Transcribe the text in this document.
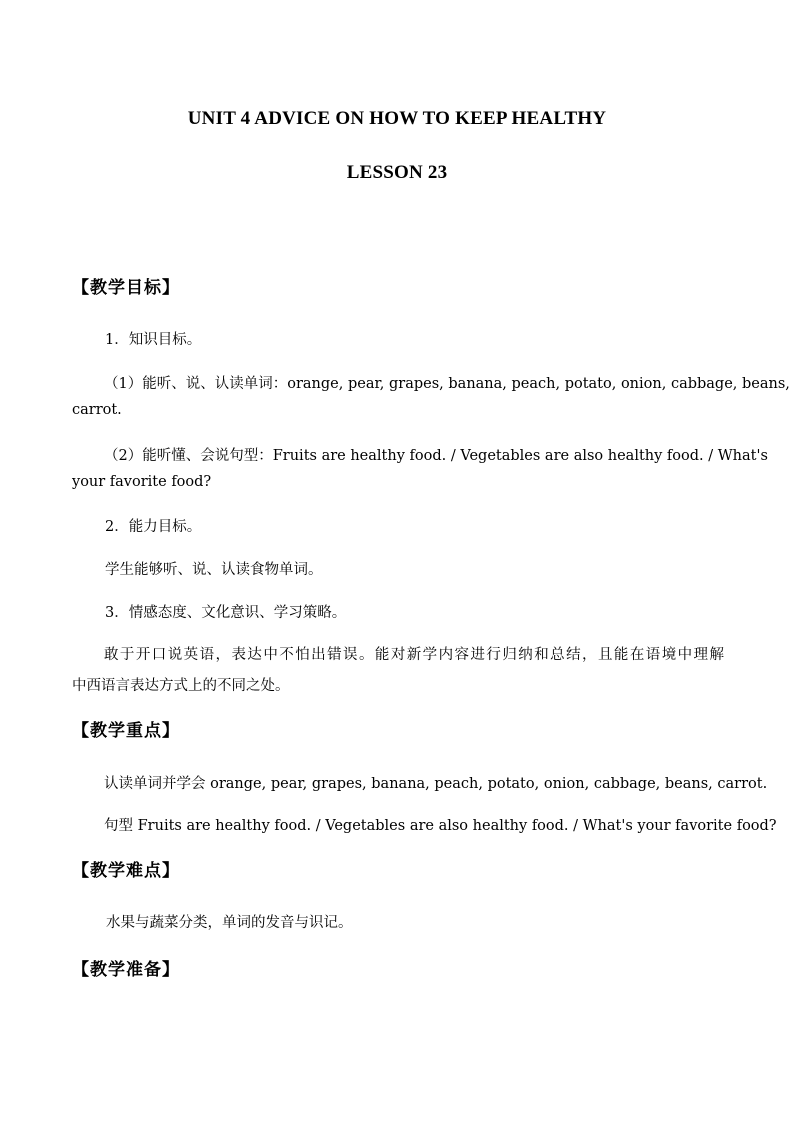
UNIT 4 ADVICE ON HOW TO KEEP HEALTHY
LESSON 23
【教学目标】
1．知识目标。
（1）能听、说、认读单词：orange, pear, grapes, banana, peach, potato, onion, cabbage, beans,
carrot.
（2）能听懂、会说句型：Fruits are healthy food. / Vegetables are also healthy food. / What's
your favorite food?
2．能力目标。
学生能够听、说、认读食物单词。
3．情感态度、文化意识、学习策略。
敢于开口说英语，表达中不怕出错误。能对新学内容进行归纳和总结，且能在语境中理解
中西语言表达方式上的不同之处。
【教学重点】
认读单词并学会 orange, pear, grapes, banana, peach, potato, onion, cabbage, beans, carrot.
句型 Fruits are healthy food. / Vegetables are also healthy food. / What's your favorite food?
【教学难点】
水果与蔬菜分类，单词的发音与识记。
【教学准备】
